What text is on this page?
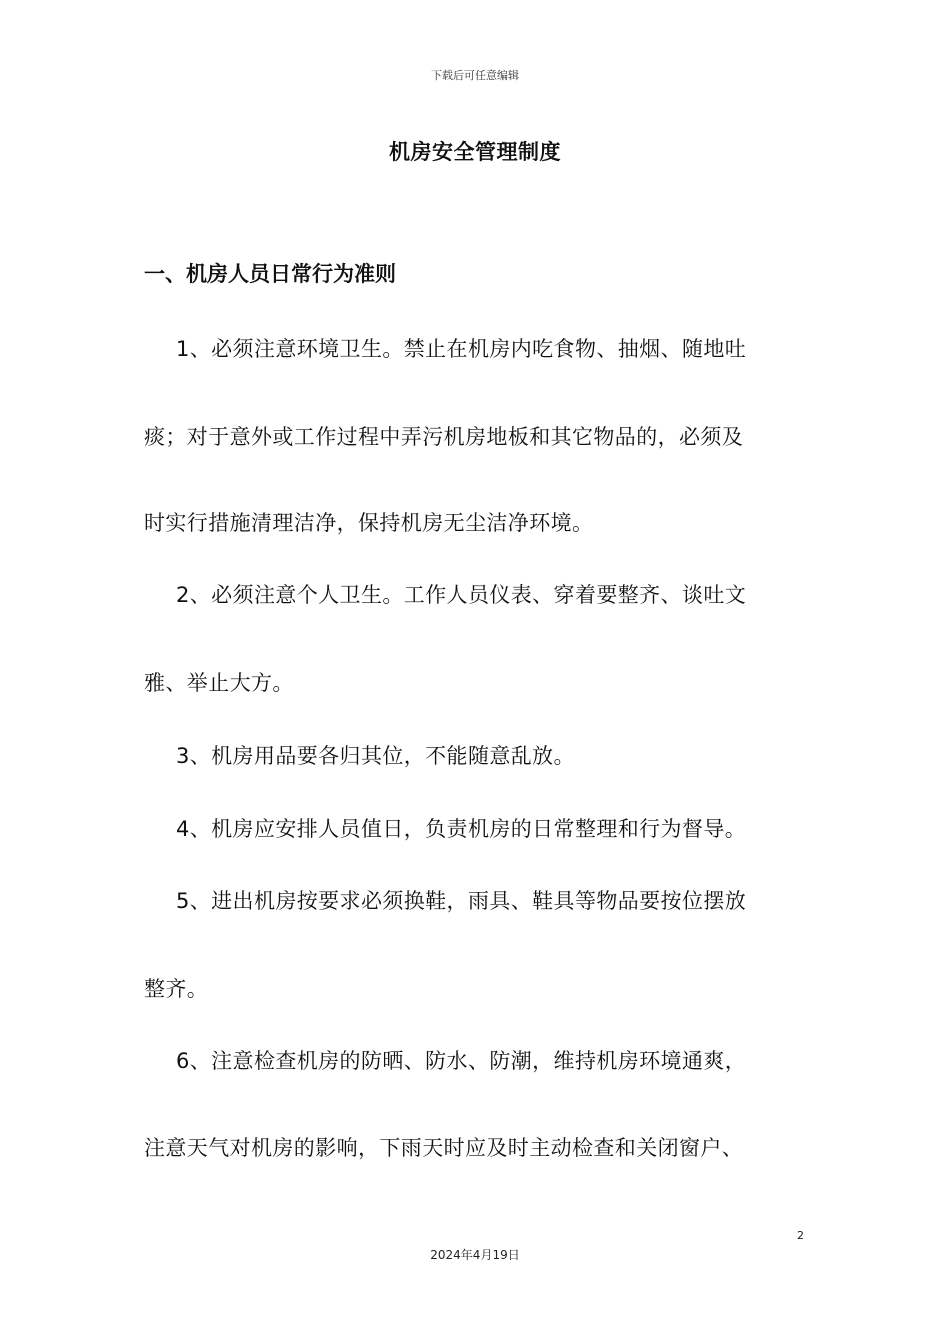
下载后可任意编辑
机房安全管理制度
一、机房人员日常行为准则
1、必须注意环境卫生。禁止在机房内吃食物、抽烟、随地吐
痰；对于意外或工作过程中弄污机房地板和其它物品的，必须及
时实行措施清理洁净，保持机房无尘洁净环境。
2、必须注意个人卫生。工作人员仪表、穿着要整齐、谈吐文
雅、举止大方。
3、机房用品要各归其位，不能随意乱放。
4、机房应安排人员值日，负责机房的日常整理和行为督导。
5、进出机房按要求必须换鞋，雨具、鞋具等物品要按位摆放
整齐。
6、注意检查机房的防晒、防水、防潮，维持机房环境通爽，
注意天气对机房的影响，下雨天时应及时主动检查和关闭窗户、
2
2024年4月19日
